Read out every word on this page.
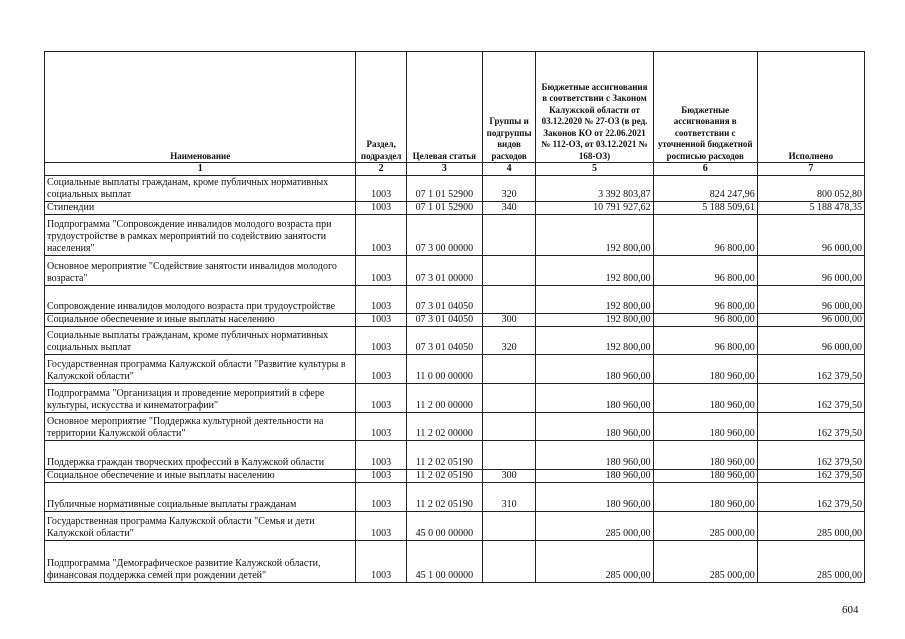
Наименование	Раздел, подраздел	Целевая статья	Группы и подгруппы видов расходов	Бюджетные ассигнования в соответствии с Законом Калужской области от 03.12.2020 № 27-ОЗ (в ред. Законов КО от 22.06.2021 № 112-ОЗ, от 03.12.2021 № 168-ОЗ)	Бюджетные ассигнования в соответствии с уточненной бюджетной росписью расходов	Исполнено
1	2	3	4	5	6	7
Социальные выплаты гражданам, кроме публичных нормативных социальных выплат	1003	07 1 01 52900	320	3 392 803,87	824 247,96	800 052,80
Стипендии	1003	07 1 01 52900	340	10 791 927,62	5 188 509,61	5 188 478,35
Подпрограмма "Сопровождение инвалидов молодого возраста при трудоустройстве в рамках мероприятий по содействию занятости населения"	1003	07 3 00 00000		192 800,00	96 800,00	96 000,00
Основное мероприятие "Содействие занятости инвалидов молодого возраста"	1003	07 3 01 00000		192 800,00	96 800,00	96 000,00
Сопровождение инвалидов молодого возраста при трудоустройстве	1003	07 3 01 04050		192 800,00	96 800,00	96 000,00
Социальное обеспечение и иные выплаты населению	1003	07 3 01 04050	300	192 800,00	96 800,00	96 000,00
Социальные выплаты гражданам, кроме публичных нормативных социальных выплат	1003	07 3 01 04050	320	192 800,00	96 800,00	96 000,00
Государственная программа Калужской области "Развитие культуры в Калужской области"	1003	11 0 00 00000		180 960,00	180 960,00	162 379,50
Подпрограмма "Организация и проведение мероприятий в сфере культуры, искусства и кинематографии"	1003	11 2 00 00000		180 960,00	180 960,00	162 379,50
Основное мероприятие "Поддержка культурной деятельности на территории Калужской области"	1003	11 2 02 00000		180 960,00	180 960,00	162 379,50
Поддержка граждан творческих профессий в Калужской области	1003	11 2 02 05190		180 960,00	180 960,00	162 379,50
Социальное обеспечение и иные выплаты населению	1003	11 2 02 05190	300	180 960,00	180 960,00	162 379,50
Публичные нормативные социальные выплаты гражданам	1003	11 2 02 05190	310	180 960,00	180 960,00	162 379,50
Государственная программа Калужской области "Семья и дети Калужской области"	1003	45 0 00 00000		285 000,00	285 000,00	285 000,00
Подпрограмма "Демографическое развитие Калужской области, финансовая поддержка семей при рождении детей"	1003	45 1 00 00000		285 000,00	285 000,00	285 000,00
604
